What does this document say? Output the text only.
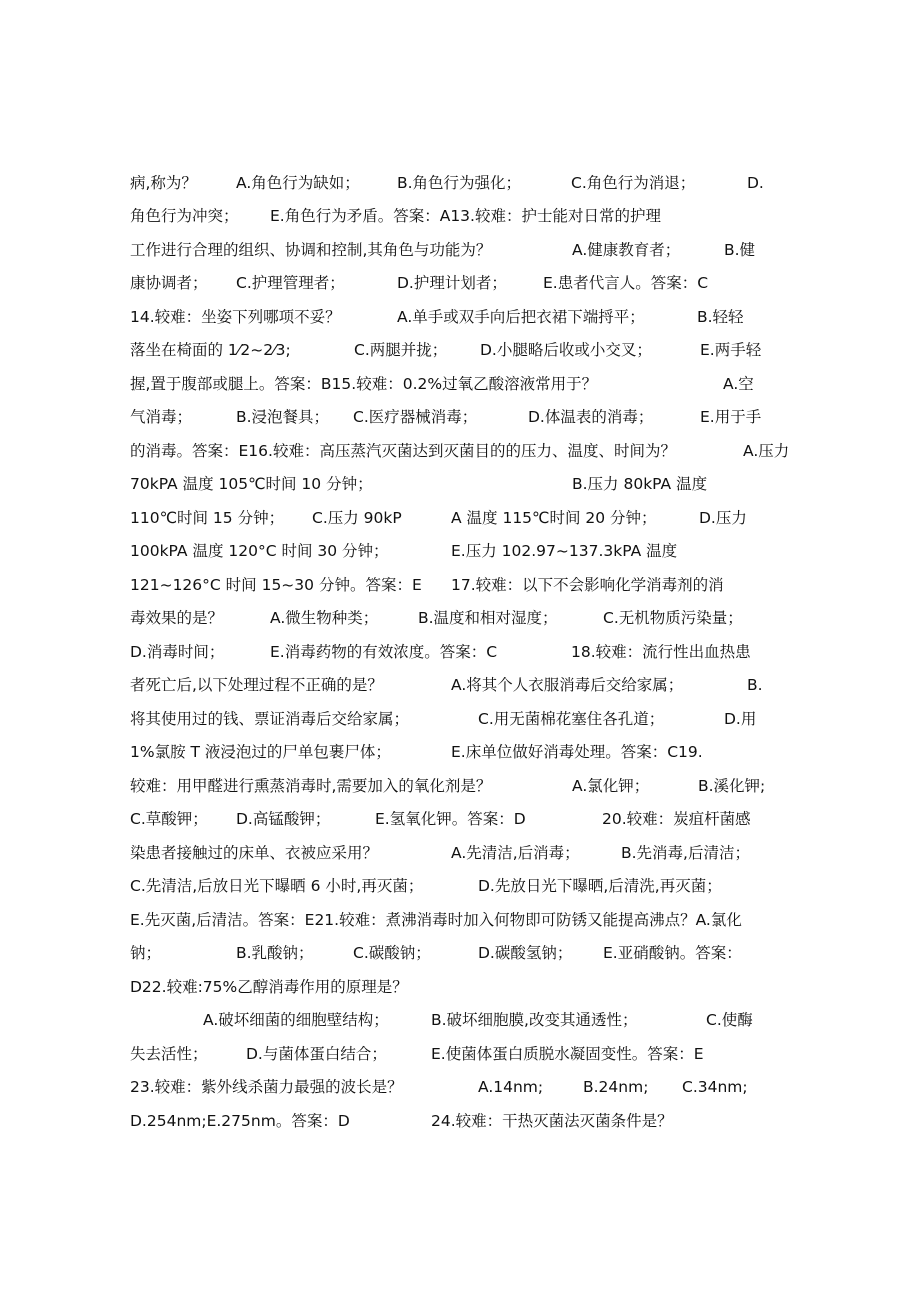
病,称为？	A.角色行为缺如； B.角色行为强化；	C.角色行为消退；	D.
角色行为冲突； E.角色行为矛盾。答案：A13.较难：护士能对日常的护理
工作进行合理的组织、协调和控制,其角色与功能为？	A.健康教育者；	B.健
康协调者； C.护理管理者；	D.护理计划者； E.患者代言人。答案：C
14.较难：坐姿下列哪项不妥？	A.单手或双手向后把衣裙下端捋平；	B.轻轻
落坐在椅面的 1⁄2~2⁄3;	C.两腿并拢； D.小腿略后收或小交叉；	E.两手轻
握,置于腹部或腿上。答案：B15.较难：0.2%过氧乙酸溶液常用于？	A.空
气消毒；	B.浸泡餐具； C.医疗器械消毒；	D.体温表的消毒；	E.用于手
的消毒。答案：E16.较难：高压蒸汽灭菌达到灭菌目的的压力、温度、时间为？	A.压力
70kPA 温度 105℃时间 10 分钟；	B.压力 80kPA 温度
110℃时间 15 分钟； C.压力 90kP	A 温度 115℃时间 20 分钟；	D.压力
100kPA 温度 120°C 时间 30 分钟；	E.压力 102.97~137.3kPA 温度
121~126°C 时间 15~30 分钟。答案：E 17.较难：以下不会影响化学消毒剂的消
毒效果的是？	A.微生物种类；	B.温度和相对湿度；	C.无机物质污染量；
D.消毒时间；	E.消毒药物的有效浓度。答案：C	18.较难：流行性出血热患
者死亡后,以下处理过程不正确的是？	A.将其个人衣服消毒后交给家属；	B.
将其使用过的钱、票证消毒后交给家属；	C.用无菌棉花塞住各孔道；	D.用
1%氯胺 T 液浸泡过的尸单包裹尸体；	E.床单位做好消毒处理。答案：C19.
较难：用甲醛进行熏蒸消毒时,需要加入的氧化剂是？	A.氯化钾；	B.溪化钾;
C.草酸钾； D.高锰酸钾；	E.氢氧化钾。答案：D	20.较难：炭疽杆菌感
染患者接触过的床单、衣被应采用？	A.先清洁,后消毒；	B.先消毒,后清洁；
C.先清洁,后放日光下曝晒 6 小时,再灭菌；	D.先放日光下曝晒,后清洗,再灭菌；
E.先灭菌,后清洁。答案：E21.较难：煮沸消毒时加入何物即可防锈又能提高沸点？A.氯化
钠；	B.乳酸钠；	C.碳酸钠；	D.碳酸氢钠； E.亚硝酸钠。答案：
D22.较难:75%乙醇消毒作用的原理是？
A.破坏细菌的细胞壁结构；	B.破坏细胞膜,改变其通透性；	C.使酶
失去活性； D.与菌体蛋白结合；	E.使菌体蛋白质脱水凝固变性。答案：E
23.较难：紫外线杀菌力最强的波长是？	A.14nm;	B.24nm; C.34nm;
D.254nm;E.275nm。答案：D	24.较难：干热灭菌法灭菌条件是？
